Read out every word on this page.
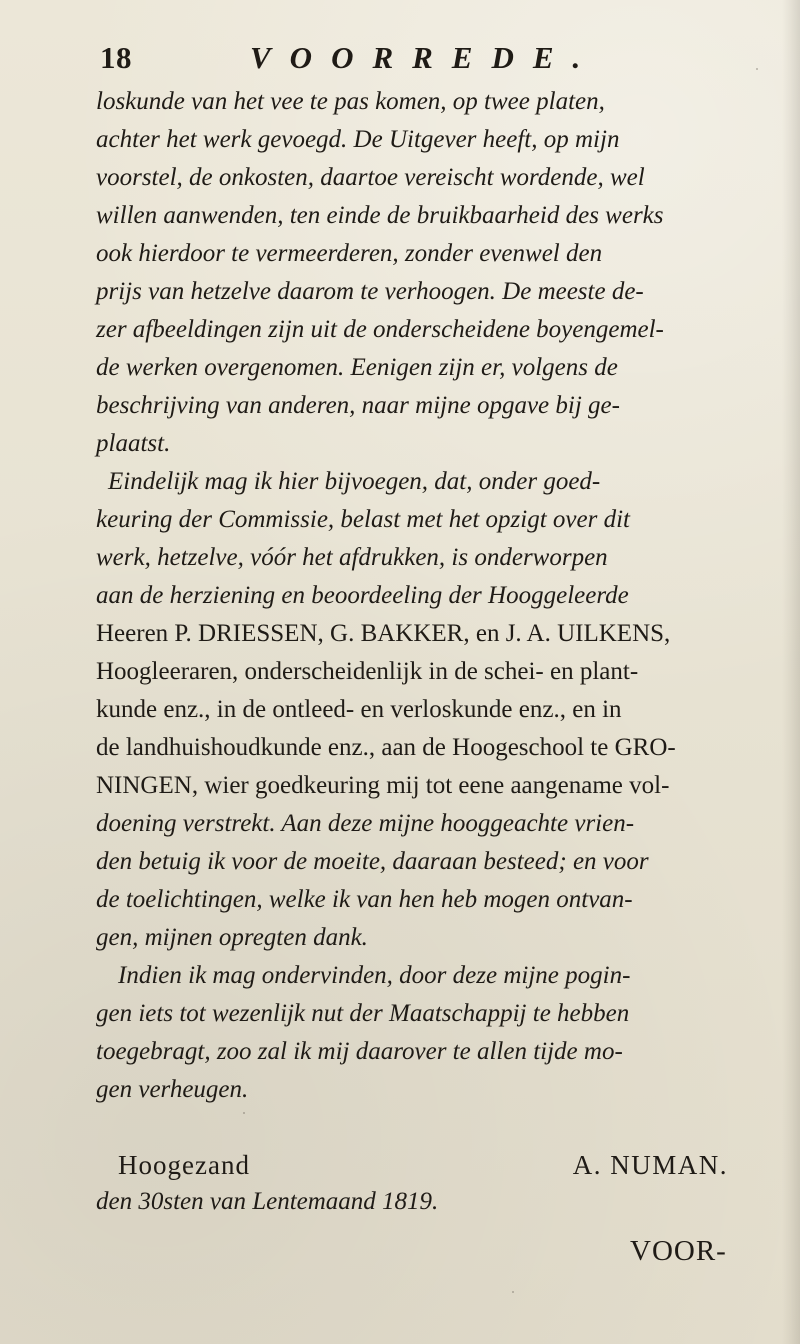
18	VOORREDE.
loskunde van het vee te pas komen, op twee platen,
achter het werk gevoegd. De Uitgever heeft, op mijn
voorstel, de onkosten, daartoe vereischt wordende, wel
willen aanwenden, ten einde de bruikbaarheid des werks
ook hierdoor te vermeerderen, zonder evenwel den
prijs van hetzelve daarom te verhoogen. De meeste de-
zer afbeeldingen zijn uit de onderscheidene boyengemel-
de werken overgenomen. Eenigen zijn er, volgens de
beschrijving van anderen, naar mijne opgave bij ge-
plaatst.
Eindelijk mag ik hier bijvoegen, dat, onder goed-
keuring der Commissie, belast met het opzigt over dit
werk, hetzelve, vóór het afdrukken, is onderworpen
aan de herziening en beoordeeling der Hooggeleerde
Heeren P. DRIESSEN, G. BAKKER, en J. A. UILKENS,
Hoogleeraren, onderscheidenlijk in de schei- en plant-
kunde enz., in de ontleed- en verloskunde enz., en in
de landhuishoudkunde enz., aan de Hoogeschool te GRO-
NINGEN, wier goedkeuring mij tot eene aangename vol-
doening verstrekt. Aan deze mijne hooggeachte vrien-
den betuig ik voor de moeite, daaraan besteed; en voor
de toelichtingen, welke ik van hen heb mogen ontvan-
gen, mijnen opregten dank.
Indien ik mag ondervinden, door deze mijne pogin-
gen iets tot wezenlijk nut der Maatschappij te hebben
toegebragt, zoo zal ik mij daarover te allen tijde mo-
gen verheugen.
Hoogezand	A. NUMAN.
den 30sten van Lentemaand 1819.
VOOR-
